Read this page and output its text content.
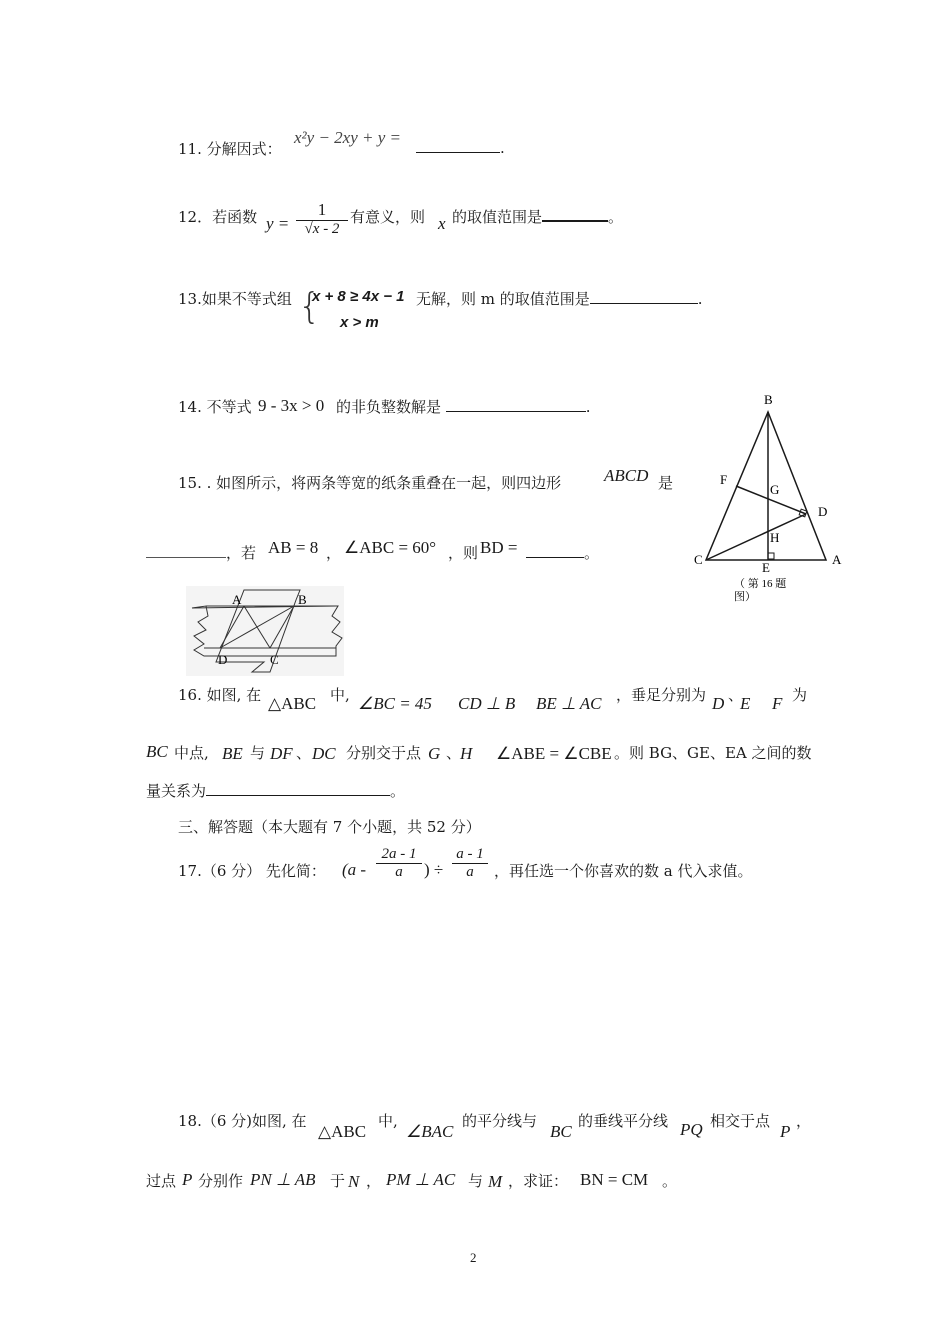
11. 分解因式：
x²y − 2xy + y =
.
12．若函数 $y = \frac{1}{√x - 2}$ 有意义，则 x 的取值范围是	。
13.如果不等式组 {
x + 8 ≥ 4x − 1
x > m
无解，则 m 的取值范围是	.
14. 不等式 9 - 3x > 0 的非负整数解是	.
15. . 如图所示，将两条等宽的纸条重叠在一起，则四边形	ABCD 是
，若 AB = 8 ， ∠ABC = 60° ，则 BD =	。
A	B
D	C
B
F
G
D
H
C
E
A
（ 第 16 题
图）
16. 如图, 在 △ABC 中, ∠BC = 45 CD ⊥ B BE ⊥ AC ，垂足分别为 D 、
E F 为
BC 中点, BE 与 DF 、 DC 分别交于点 G 、
H ∠ABE = ∠CBE 。则 BG、GE、EA 之间的数
量关系为	。
三、解答题（本大题有 7 个小题，共 52 分）
17.（6 分） 先化简： (a -
2a - 1
a	) ÷
a - 1
a	，再任选一个你喜欢的数 a 代入求值。
18.（6 分)如图, 在
△ABC
中,
∠BAC
的平分线与
BC
的垂线平分线 PQ 相交于点
P
，
过点 P 分别作 PN ⊥ AB 于 N ， PM ⊥ AC 与 M ，求证： BN = CM 。
2
